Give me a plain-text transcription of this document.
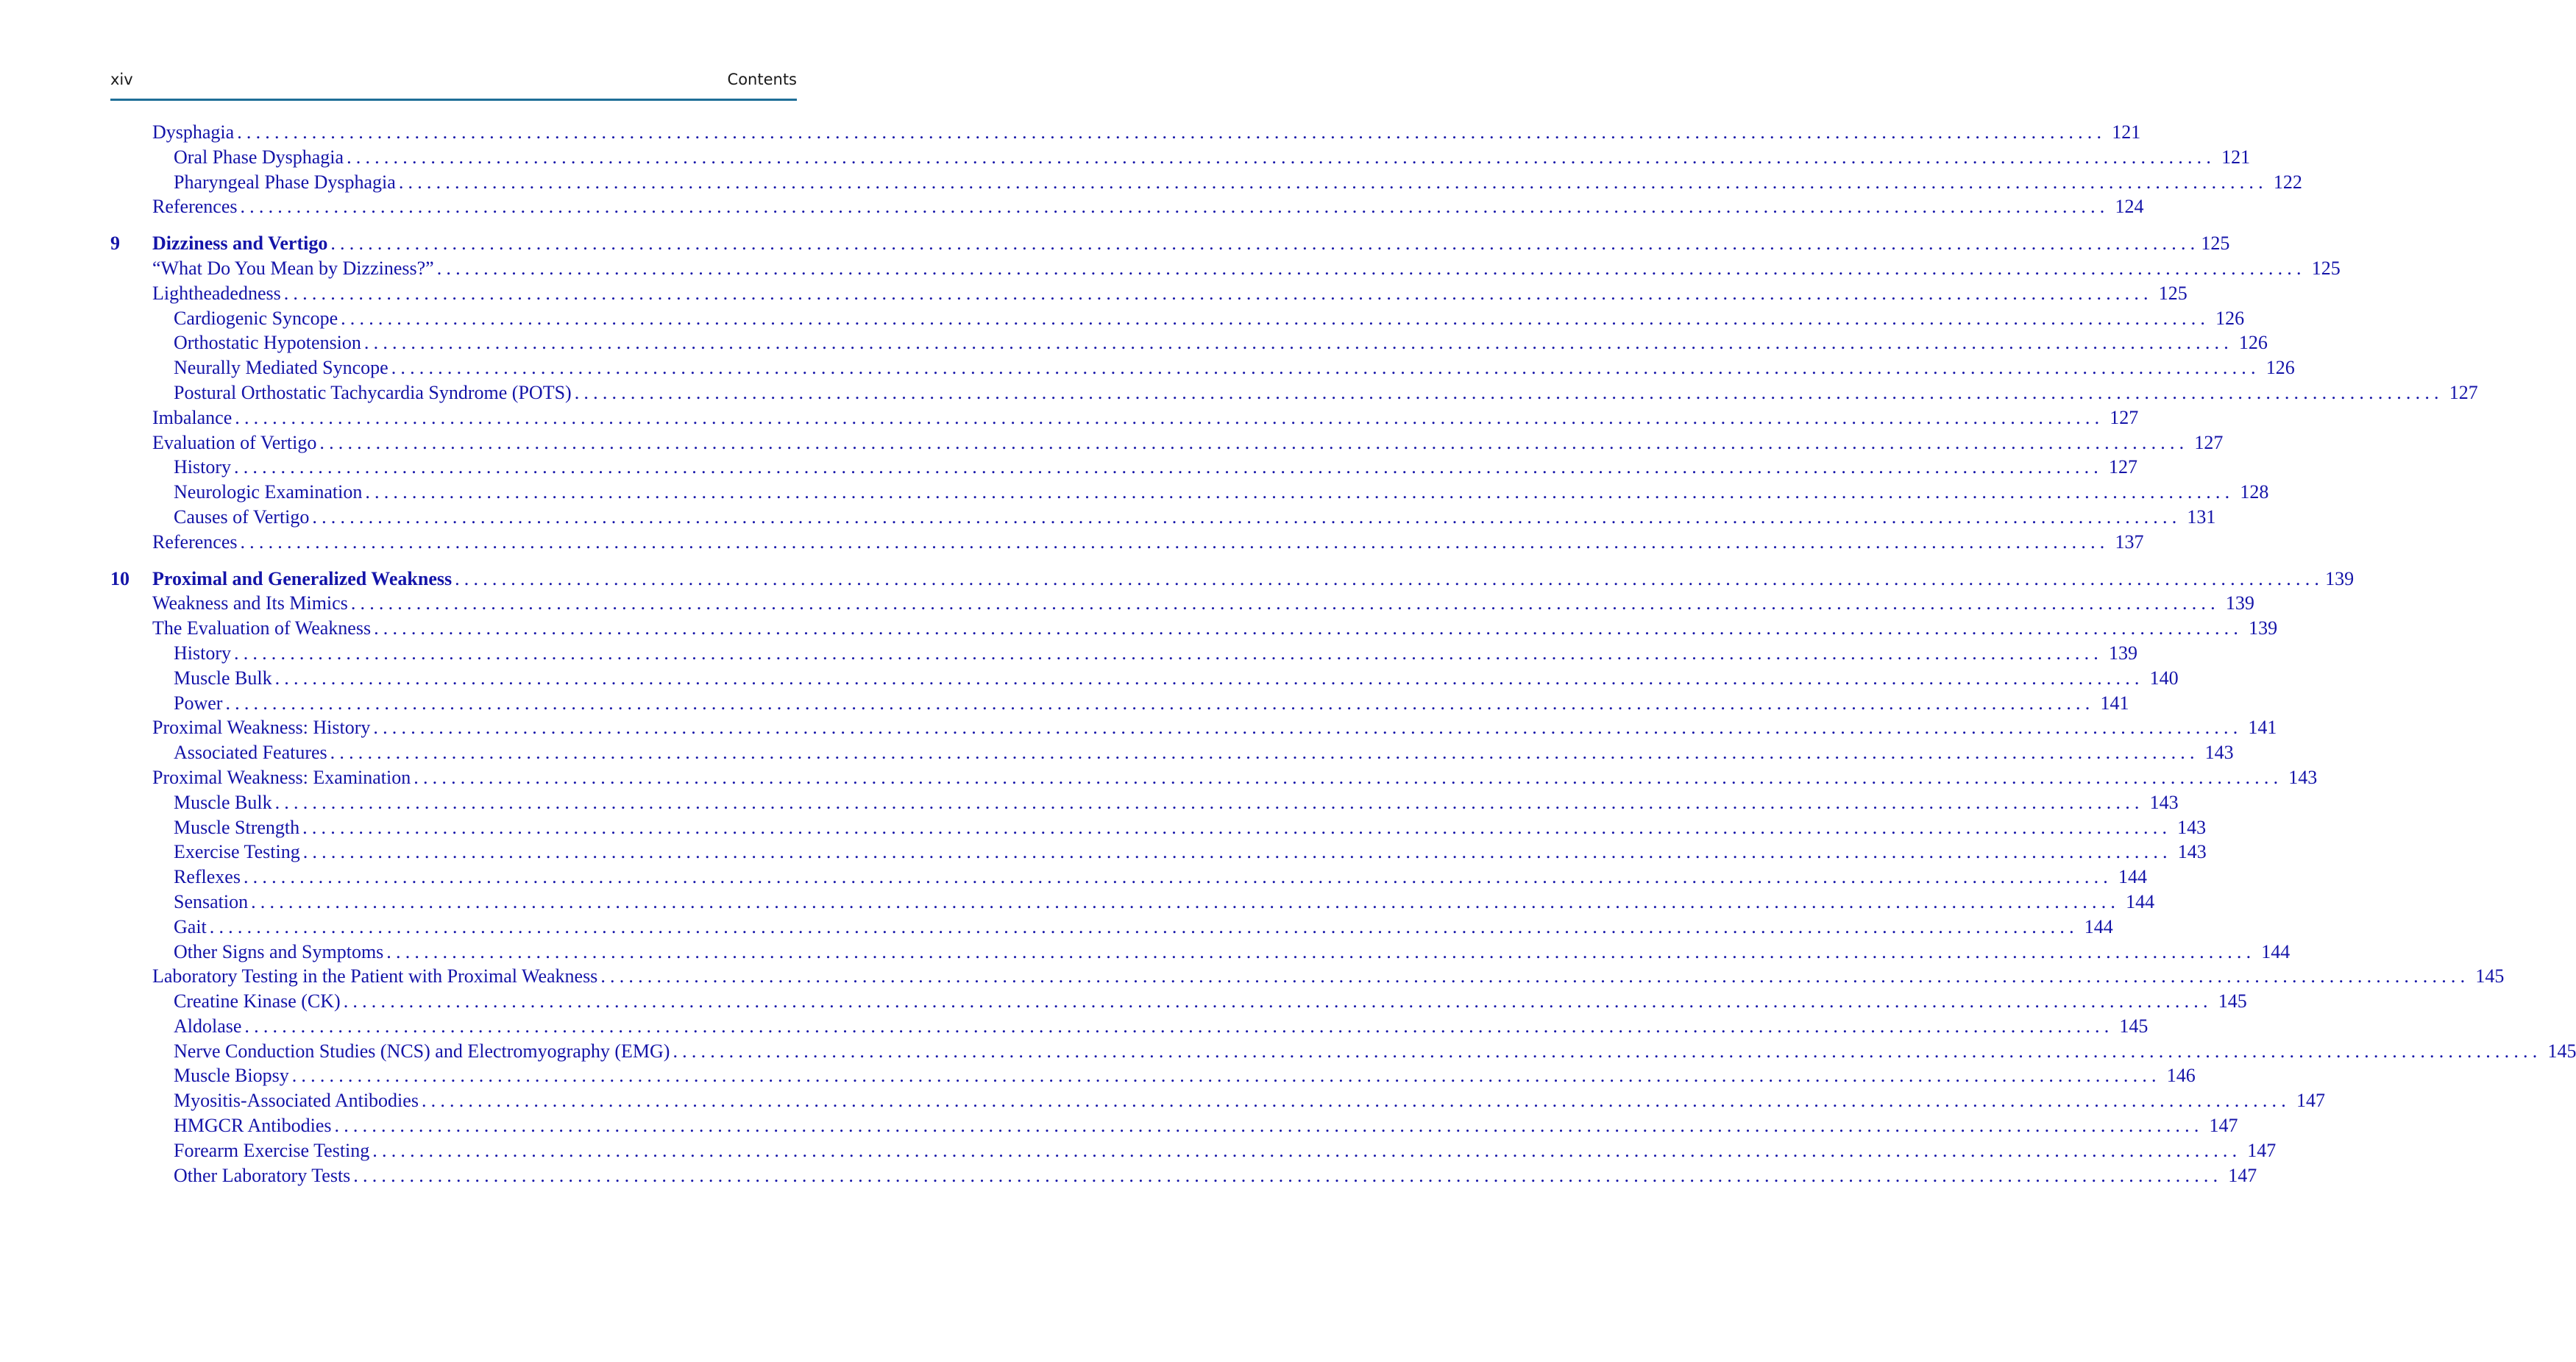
xiv	Contents
Dysphagia ........................................................................................................................................................................................................ 121
Oral Phase Dysphagia ........................................................................................................................................................................................................ 121
Pharyngeal Phase Dysphagia ........................................................................................................................................................................................................ 122
References ........................................................................................................................................................................................................ 124
9 Dizziness and Vertigo ........................................................................................................................................................................................................ 125
“What Do You Mean by Dizziness?” ........................................................................................................................................................................................................ 125
Lightheadedness ........................................................................................................................................................................................................ 125
Cardiogenic Syncope ........................................................................................................................................................................................................ 126
Orthostatic Hypotension ........................................................................................................................................................................................................ 126
Neurally Mediated Syncope ........................................................................................................................................................................................................ 126
Postural Orthostatic Tachycardia Syndrome (POTS) ........................................................................................................................................................................................................ 127
Imbalance ........................................................................................................................................................................................................ 127
Evaluation of Vertigo ........................................................................................................................................................................................................ 127
History ........................................................................................................................................................................................................ 127
Neurologic Examination ........................................................................................................................................................................................................ 128
Causes of Vertigo ........................................................................................................................................................................................................ 131
References ........................................................................................................................................................................................................ 137
10 Proximal and Generalized Weakness ........................................................................................................................................................................................................ 139
Weakness and Its Mimics ........................................................................................................................................................................................................ 139
The Evaluation of Weakness ........................................................................................................................................................................................................ 139
History ........................................................................................................................................................................................................ 139
Muscle Bulk ........................................................................................................................................................................................................ 140
Power ........................................................................................................................................................................................................ 141
Proximal Weakness: History ........................................................................................................................................................................................................ 141
Associated Features ........................................................................................................................................................................................................ 143
Proximal Weakness: Examination ........................................................................................................................................................................................................ 143
Muscle Bulk ........................................................................................................................................................................................................ 143
Muscle Strength ........................................................................................................................................................................................................ 143
Exercise Testing ........................................................................................................................................................................................................ 143
Reflexes ........................................................................................................................................................................................................ 144
Sensation ........................................................................................................................................................................................................ 144
Gait ........................................................................................................................................................................................................ 144
Other Signs and Symptoms ........................................................................................................................................................................................................ 144
Laboratory Testing in the Patient with Proximal Weakness ........................................................................................................................................................................................................ 145
Creatine Kinase (CK) ........................................................................................................................................................................................................ 145
Aldolase ........................................................................................................................................................................................................ 145
Nerve Conduction Studies (NCS) and Electromyography (EMG) ........................................................................................................................................................................................................ 145
Muscle Biopsy ........................................................................................................................................................................................................ 146
Myositis-Associated Antibodies ........................................................................................................................................................................................................ 147
HMGCR Antibodies ........................................................................................................................................................................................................ 147
Forearm Exercise Testing ........................................................................................................................................................................................................ 147
Other Laboratory Tests ........................................................................................................................................................................................................ 147
